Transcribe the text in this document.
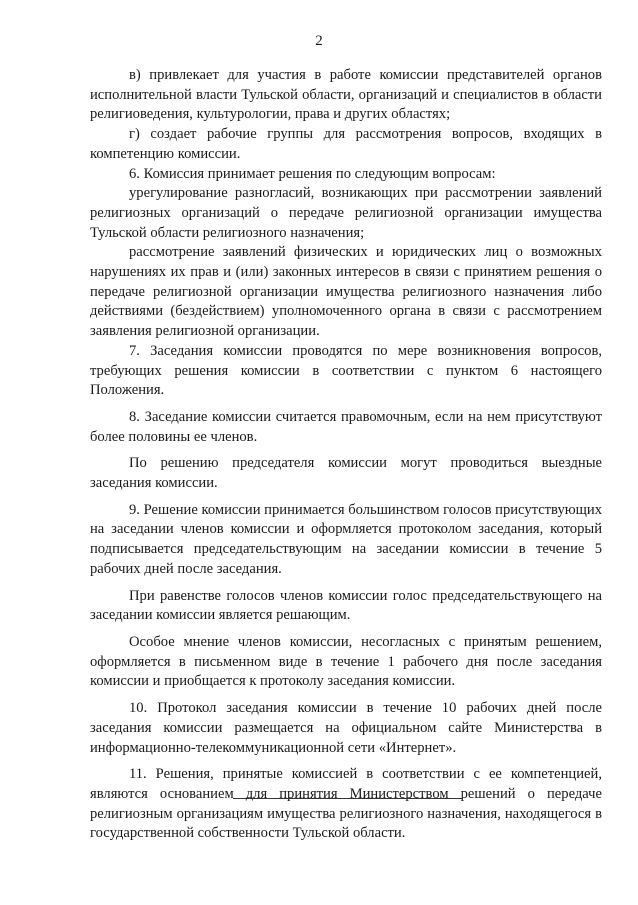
2

в) привлекает для участия в работе комиссии представителей органов исполнительной власти Тульской области, организаций и специалистов в области религиоведения, культурологии, права и других областях;

г) создает рабочие группы для рассмотрения вопросов, входящих в компетенцию комиссии.

6. Комиссия принимает решения по следующим вопросам:

урегулирование разногласий, возникающих при рассмотрении заявлений религиозных организаций о передаче религиозной организации имущества Тульской области религиозного назначения;

рассмотрение заявлений физических и юридических лиц о возможных нарушениях их прав и (или) законных интересов в связи с принятием решения о передаче религиозной организации имущества религиозного назначения либо действиями (бездействием) уполномоченного органа в связи с рассмотрением заявления религиозной организации.

7. Заседания комиссии проводятся по мере возникновения вопросов, требующих решения комиссии в соответствии с пунктом 6 настоящего Положения.

8. Заседание комиссии считается правомочным, если на нем присутствуют более половины ее членов.

По решению председателя комиссии могут проводиться выездные заседания комиссии.

9. Решение комиссии принимается большинством голосов присутствующих на заседании членов комиссии и оформляется протоколом заседания, который подписывается председательствующим на заседании комиссии в течение 5 рабочих дней после заседания.

При равенстве голосов членов комиссии голос председательствующего на заседании комиссии является решающим.

Особое мнение членов комиссии, несогласных с принятым решением, оформляется в письменном виде в течение 1 рабочего дня после заседания комиссии и приобщается к протоколу заседания комиссии.

10. Протокол заседания комиссии в течение 10 рабочих дней после заседания комиссии размещается на официальном сайте Министерства в информационно-телекоммуникационной сети «Интернет».

11. Решения, принятые комиссией в соответствии с ее компетенцией, являются основанием для принятия Министерством решений о передаче религиозным организациям имущества религиозного назначения, находящегося в государственной собственности Тульской области.
